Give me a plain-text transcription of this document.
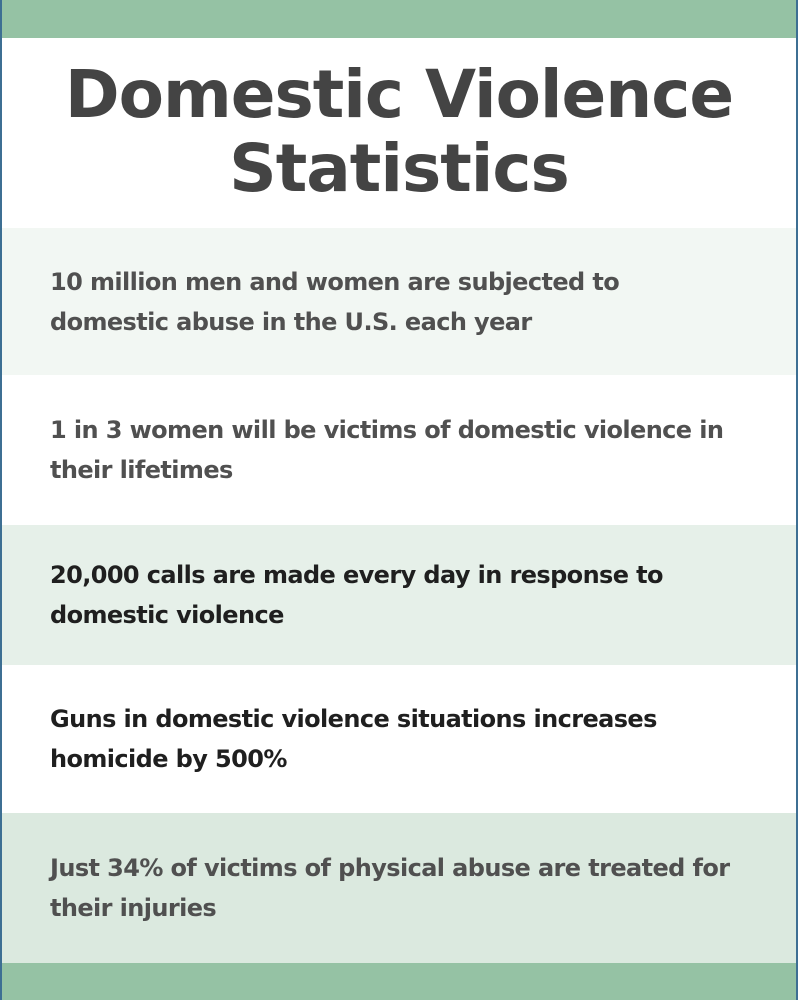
Domestic Violence Statistics

10 million men and women are subjected to domestic abuse in the U.S. each year

1 in 3 women will be victims of domestic violence in their lifetimes

20,000 calls are made every day in response to domestic violence

Guns in domestic violence situations increases homicide by 500%

Just 34% of victims of physical abuse are treated for their injuries
